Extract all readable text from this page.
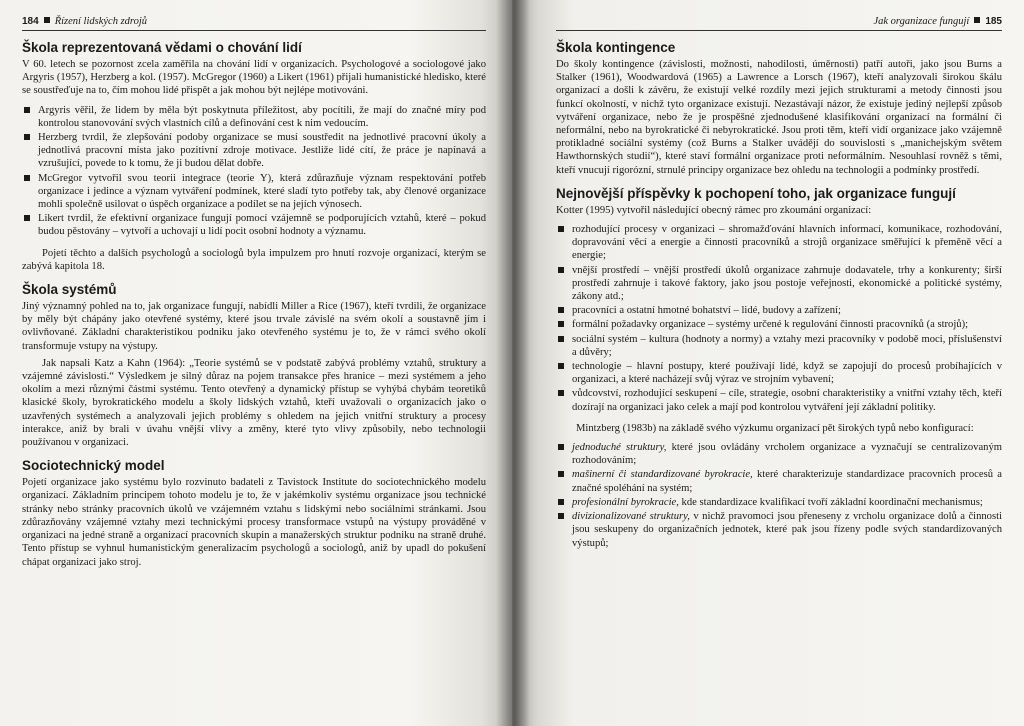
184 Řízení lidských zdrojů
Škola reprezentovaná vědami o chování lidí

V 60. letech se pozornost zcela zaměřila na chování lidí v organizacích. Psychologové a sociologové jako Argyris (1957), Herzberg a kol. (1957). McGregor (1960) a Likert (1961) přijali humanistické hledisko, které se soustřeďuje na to, čím mohou lidé přispět a jak mohou být nejlépe motivováni.

Argyris věřil, že lidem by měla být poskytnuta příležitost, aby pocítili, že mají do značné míry pod kontrolou stanovování svých vlastních cílů a definování cest k nim vedoucím.
Herzberg tvrdil, že zlepšování podoby organizace se musí soustředit na jednotlivé pracovní úkoly a jednotlivá pracovní místa jako pozitivní zdroje motivace. Jestliže lidé cítí, že práce je napínavá a vzrušující, povede to k tomu, že ji budou dělat dobře.
McGregor vytvořil svou teorii integrace (teorie Y), která zdůrazňuje význam respektování potřeb organizace i jedince a význam vytváření podmínek, které sladí tyto potřeby tak, aby členové organizace mohli společně usilovat o úspěch organizace a podílet se na jejích výnosech.
Likert tvrdil, že efektivní organizace fungují pomocí vzájemně se podporujících vztahů, které – pokud budou pěstovány – vytvoří a uchovají u lidí pocit osobní hodnoty a významu.

Pojetí těchto a dalších psychologů a sociologů byla impulzem pro hnutí rozvoje organizací, kterým se zabývá kapitola 18.

Škola systémů

Jiný významný pohled na to, jak organizace fungují, nabídli Miller a Rice (1967), kteří tvrdili, že organizace by měly být chápány jako otevřené systémy, které jsou trvale závislé na svém okolí a soustavně jím i ovlivňované. Základní charakteristikou podniku jako otevřeného systému je to, že v rámci svého okolí transformuje vstupy na výstupy.

Jak napsali Katz a Kahn (1964): „Teorie systémů se v podstatě zabývá problémy vztahů, struktury a vzájemné závislosti.“ Výsledkem je silný důraz na pojem transakce přes hranice – mezi systémem a jeho okolím a mezi různými částmi systému. Tento otevřený a dynamický přístup se vyhýbá chybám teoretiků klasické školy, byrokratického modelu a školy lidských vztahů, kteří uvažovali o organizacích jako o uzavřených systémech a analyzovali jejich problémy s ohledem na jejich vnitřní struktury a procesy interakce, aniž by brali v úvahu vnější vlivy a změny, které tyto vlivy způsobily, nebo technologii používanou v organizaci.

Sociotechnický model

Pojetí organizace jako systému bylo rozvinuto badateli z Tavistock Institute do sociotechnického modelu organizací. Základním principem tohoto modelu je to, že v jakémkoliv systému organizace jsou technické stránky nebo stránky pracovních úkolů ve vzájemném vztahu s lidskými nebo sociálními stránkami. Jsou zdůrazňovány vzájemné vztahy mezi technickými procesy transformace vstupů na výstupy prováděné v organizaci na jedné straně a organizací pracovních skupin a manažerských struktur podniku na straně druhé. Tento přístup se vyhnul humanistickým generalizacím psychologů a sociologů, aniž by upadl do pokušení chápat organizaci jako stroj.

Jak organizace fungují 185
Škola kontingence

Do školy kontingence (závislosti, možnosti, nahodilosti, úměrnosti) patří autoři, jako jsou Burns a Stalker (1961), Woodwardová (1965) a Lawrence a Lorsch (1967), kteří analyzovali širokou škálu organizací a došli k závěru, že existují velké rozdíly mezi jejich strukturami a metody činnosti jsou funkcí okolností, v nichž tyto organizace existují. Nezastávají názor, že existuje jediný nejlepší způsob vytváření organizace, nebo že je prospěšné zjednodušené klasifikování organizací na formální či neformální, nebo na byrokratické či nebyrokratické. Jsou proti těm, kteří vidí organizace jako vzájemně protikladné sociální systémy (což Burns a Stalker uvádějí do souvislosti s „manichejským světem Hawthornských studií“), které staví formální organizace proti neformálním. Nesouhlasí rovněž s těmi, kteří vnucují rigorózní, strnulé principy organizace bez ohledu na technologii a podmínky prostředí.

Nejnovější příspěvky k pochopení toho, jak organizace fungují

Kotter (1995) vytvořil následující obecný rámec pro zkoumání organizací:

rozhodující procesy v organizaci – shromažďování hlavních informací, komunikace, rozhodování, dopravování věcí a energie a činnosti pracovníků a strojů organizace směřující k přeměně věcí a energie;
vnější prostředí – vnější prostředí úkolů organizace zahrnuje dodavatele, trhy a konkurenty; širší prostředí zahrnuje i takové faktory, jako jsou postoje veřejnosti, ekonomické a politické systémy, zákony atd.;
pracovníci a ostatní hmotné bohatství – lidé, budovy a zařízení;
formální požadavky organizace – systémy určené k regulování činnosti pracovníků (a strojů);
sociální systém – kultura (hodnoty a normy) a vztahy mezi pracovníky v podobě moci, příslušenství a důvěry;
technologie – hlavní postupy, které používají lidé, když se zapojují do procesů probíhajících v organizaci, a které nacházejí svůj výraz ve strojním vybavení;
vůdcovství, rozhodující seskupení – cíle, strategie, osobní charakteristiky a vnitřní vztahy těch, kteří dozírají na organizaci jako celek a mají pod kontrolou vytváření její základní politiky.

Mintzberg (1983b) na základě svého výzkumu organizací pět širokých typů nebo konfigurací:

jednoduché struktury, které jsou ovládány vrcholem organizace a vyznačují se centralizovaným rozhodováním;
mašinerní či standardizované byrokracie, které charakterizuje standardizace pracovních procesů a značné spoléhání na systém;
profesionální byrokracie, kde standardizace kvalifikací tvoří základní koordinační mechanismus;
divizionalizované struktury, v nichž pravomoci jsou přeneseny z vrcholu organizace dolů a činnosti jsou seskupeny do organizačních jednotek, které pak jsou řízeny podle svých standardizovaných výstupů;
